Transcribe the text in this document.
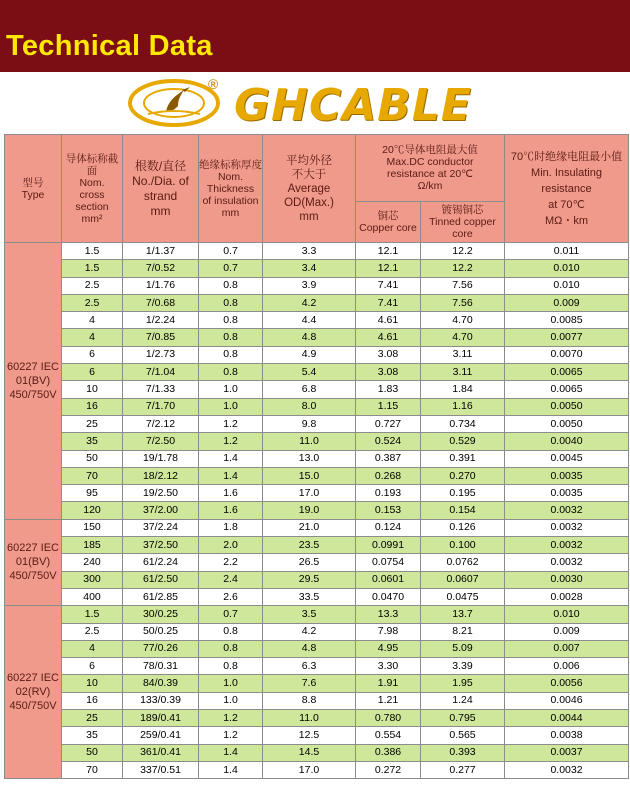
Technical Data
® GHCABLE
型号
Type	导体标称截面
Nom.
cross
section
mm²	根数/直径
No./Dia. of
strand
mm	绝缘标称厚度
Nom.
Thickness
of insulation
mm	平均外径
不大于
Average OD(Max.)
mm	20℃导体电阻最大值
Max.DC conductor
resistance at 20℃
Ω/km		70℃时绝缘电阻最小值
Min. Insulating resistance
at 70℃
MΩ・km

					铜芯
Copper core	镀锡铜芯
Tinned copper core	

60227 IEC
01(BV)
450/750V	1.5	1/1.37	0.7	3.3	12.1	12.2	0.011
	1.5	7/0.52	0.7	3.4	12.1	12.2	0.010
	2.5	1/1.76	0.8	3.9	7.41	7.56	0.010
	2.5	7/0.68	0.8	4.2	7.41	7.56	0.009
	4	1/2.24	0.8	4.4	4.61	4.70	0.0085
	4	7/0.85	0.8	4.8	4.61	4.70	0.0077
	6	1/2.73	0.8	4.9	3.08	3.11	0.0070
	6	7/1.04	0.8	5.4	3.08	3.11	0.0065
	10	7/1.33	1.0	6.8	1.83	1.84	0.0065
	16	7/1.70	1.0	8.0	1.15	1.16	0.0050
	25	7/2.12	1.2	9.8	0.727	0.734	0.0050
	35	7/2.50	1.2	11.0	0.524	0.529	0.0040
	50	19/1.78	1.4	13.0	0.387	0.391	0.0045
	70	18/2.12	1.4	15.0	0.268	0.270	0.0035
	95	19/2.50	1.6	17.0	0.193	0.195	0.0035
	120	37/2.00	1.6	19.0	0.153	0.154	0.0032

60227 IEC
01(BV)
450/750V	150	37/2.24	1.8	21.0	0.124	0.126	0.0032
	185	37/2.50	2.0	23.5	0.0991	0.100	0.0032
	240	61/2.24	2.2	26.5	0.0754	0.0762	0.0032
	300	61/2.50	2.4	29.5	0.0601	0.0607	0.0030
	400	61/2.85	2.6	33.5	0.0470	0.0475	0.0028

60227 IEC
02(RV)
450/750V	1.5	30/0.25	0.7	3.5	13.3	13.7	0.010
	2.5	50/0.25	0.8	4.2	7.98	8.21	0.009
	4	77/0.26	0.8	4.8	4.95	5.09	0.007
	6	78/0.31	0.8	6.3	3.30	3.39	0.006
	10	84/0.39	1.0	7.6	1.91	1.95	0.0056
	16	133/0.39	1.0	8.8	1.21	1.24	0.0046
	25	189/0.41	1.2	11.0	0.780	0.795	0.0044
	35	259/0.41	1.2	12.5	0.554	0.565	0.0038
	50	361/0.41	1.4	14.5	0.386	0.393	0.0037
	70	337/0.51	1.4	17.0	0.272	0.277	0.0032
